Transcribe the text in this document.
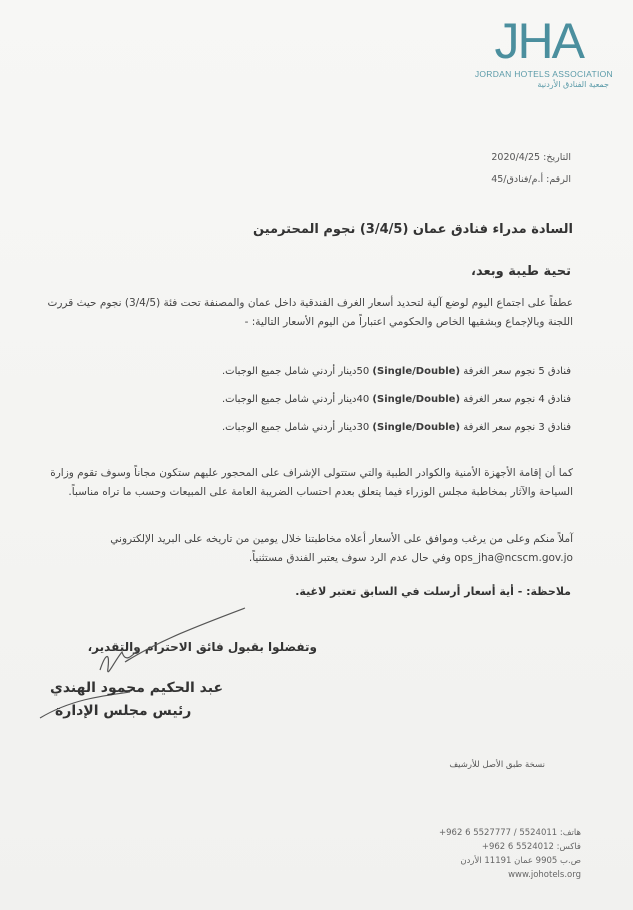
JHA
JORDAN HOTELS ASSOCIATION
جمعية الفنادق الأردنية
التاريخ: 2020/4/25
الرقم: أ.م/فنادق/45
السادة مدراء فنادق عمان (3/4/5) نجوم المحترمين
تحية طيبة وبعد،
عطفاً على اجتماع اليوم لوضع آلية لتحديد أسعار الغرف الفندقية داخل عمان والمصنفة تحت فئة (3/4/5) نجوم حيث قررت اللجنة وبالإجماع وبشقيها الخاص والحكومي اعتباراً من اليوم الأسعار التالية: -
فنادق 5 نجوم سعر الغرفة (Single/Double) 50دينار أردني شامل جميع الوجبات.
فنادق 4 نجوم سعر الغرفة (Single/Double) 40دينار أردني شامل جميع الوجبات.
فنادق 3 نجوم سعر الغرفة (Single/Double) 30دينار أردني شامل جميع الوجبات.
كما أن إقامة الأجهزة الأمنية والكوادر الطبية والتي ستتولى الإشراف على المحجور عليهم ستكون مجاناً وسوف تقوم وزارة السياحة والآثار بمخاطبة مجلس الوزراء فيما يتعلق بعدم احتساب الضريبة العامة على المبيعات وحسب ما تراه مناسباً.
آملاً منكم وعلى من يرغب وموافق على الأسعار أعلاه مخاطبتنا خلال يومين من تاريخه على البريد الإلكتروني ops_jha@ncscm.gov.jo وفي حال عدم الرد سوف يعتبر الفندق مستثنياً.
ملاحظة: - أية أسعار أرسلت في السابق تعتبر لاغية.
وتفضلوا بقبول فائق الاحترام والتقدير،
عبد الحكيم محمود الهندي
رئيس مجلس الإدارة
نسخة طبق الأصل للأرشيف
هاتف: 5524011 / 5527777 6 962+
فاكس: 5524012 6 962+
ص.ب 9905 عمان 11191 الأردن
www.johotels.org
